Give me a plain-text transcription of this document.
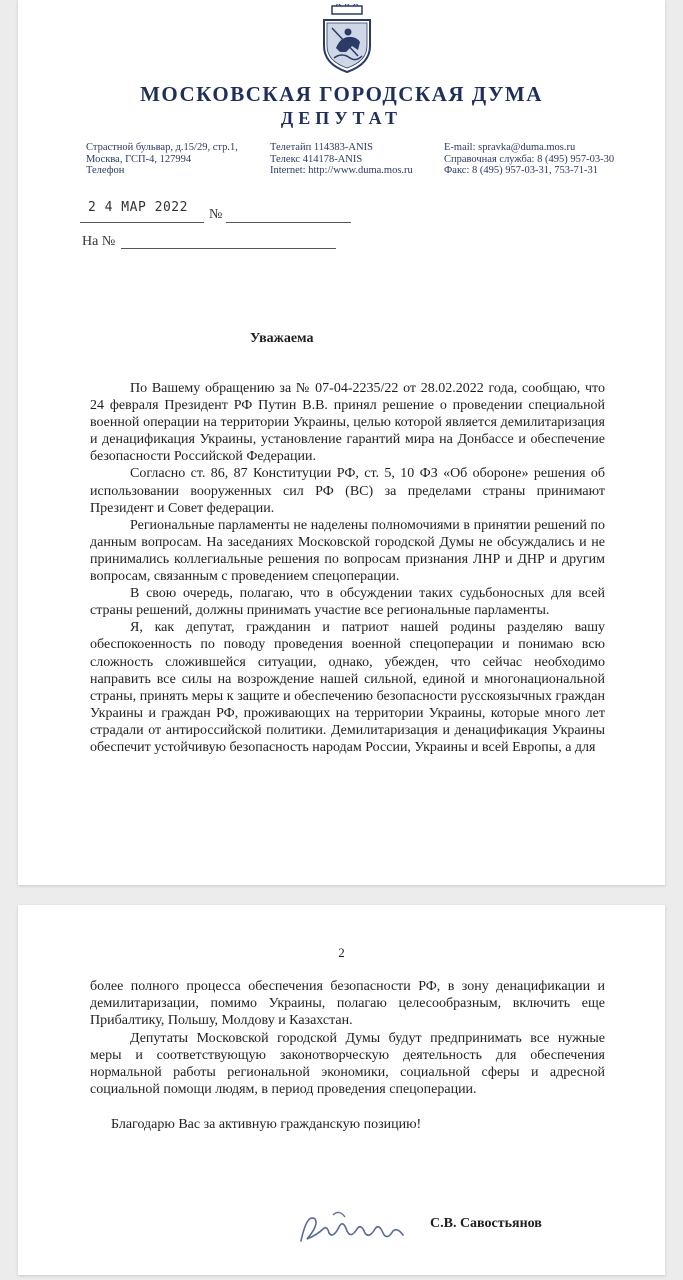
МОСКОВСКАЯ ГОРОДСКАЯ ДУМА
ДЕПУТАТ
Страстной бульвар, д.15/29, стр.1,
Москва, ГСП-4, 127994
Телефон
Телетайп 114383-ANIS
Телекс 414178-ANIS
Internet: http://www.duma.mos.ru
E-mail: spravka@duma.mos.ru
Справочная служба: 8 (495) 957-03-30
Факс: 8 (495) 957-03-31, 753-71-31
2 4 МАР 2022 №
На №
Уважаема

По Вашему обращению за № 07-04-2235/22 от 28.02.2022 года, сообщаю, что 24 февраля Президент РФ Путин В.В. принял решение о проведении специальной военной операции на территории Украины, целью которой является демилитаризация и денацификация Украины, установление гарантий мира на Донбассе и обеспечение безопасности Российской Федерации.

Согласно ст. 86, 87 Конституции РФ, ст. 5, 10 ФЗ «Об обороне» решения об использовании вооруженных сил РФ (ВС) за пределами страны принимают Президент и Совет федерации.

Региональные парламенты не наделены полномочиями в принятии решений по данным вопросам. На заседаниях Московской городской Думы не обсуждались и не принимались коллегиальные решения по вопросам признания ЛНР и ДНР и другим вопросам, связанным с проведением спецоперации.

В свою очередь, полагаю, что в обсуждении таких судьбоносных для всей страны решений, должны принимать участие все региональные парламенты.

Я, как депутат, гражданин и патриот нашей родины разделяю вашу обеспокоенность по поводу проведения военной спецоперации и понимаю всю сложность сложившейся ситуации, однако, убежден, что сейчас необходимо направить все силы на возрождение нашей сильной, единой и многонациональной страны, принять меры к защите и обеспечению безопасности русскоязычных граждан Украины и граждан РФ, проживающих на территории Украины, которые много лет страдали от антироссийской политики. Демилитаризация и денацификация Украины обеспечит устойчивую безопасность народам России, Украины и всей Европы, а для

2

более полного процесса обеспечения безопасности РФ, в зону денацификации и демилитаризации, помимо Украины, полагаю целесообразным, включить еще Прибалтику, Польшу, Молдову и Казахстан.

Депутаты Московской городской Думы будут предпринимать все нужные меры и соответствующую законотворческую деятельность для обеспечения нормальной работы региональной экономики, социальной сферы и адресной социальной помощи людям, в период проведения спецоперации.

Благодарю Вас за активную гражданскую позицию!
С.В. Савостьянов
